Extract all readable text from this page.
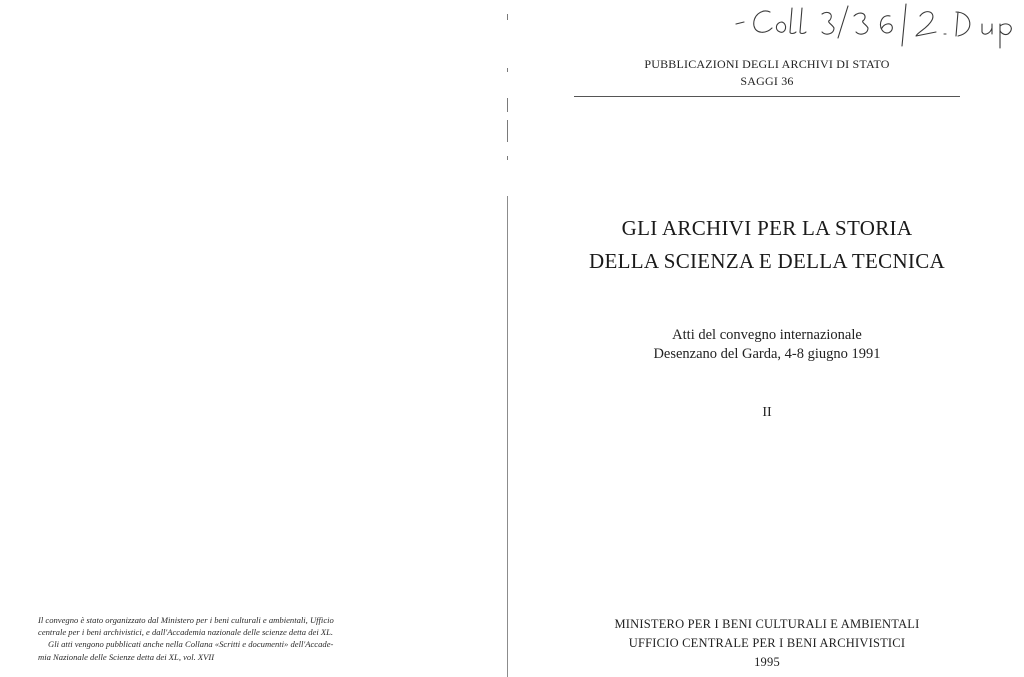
Il convegno è stato organizzato dal Ministero per i beni culturali e ambientali, Ufficio

centrale per i beni archivistici, e dall'Accademia nazionale delle scienze detta dei XL.

Gli atti vengono pubblicati anche nella Collana «Scritti e documenti» dell'Accade-

mia Nazionale delle Scienze detta dei XL, vol. XVII

PUBBLICAZIONI DEGLI ARCHIVI DI STATO
SAGGI 36
GLI ARCHIVI PER LA STORIA
DELLA SCIENZA E DELLA TECNICA
Atti del convegno internazionale
Desenzano del Garda, 4-8 giugno 1991
II
MINISTERO PER I BENI CULTURALI E AMBIENTALI
UFFICIO CENTRALE PER I BENI ARCHIVISTICI
1995
